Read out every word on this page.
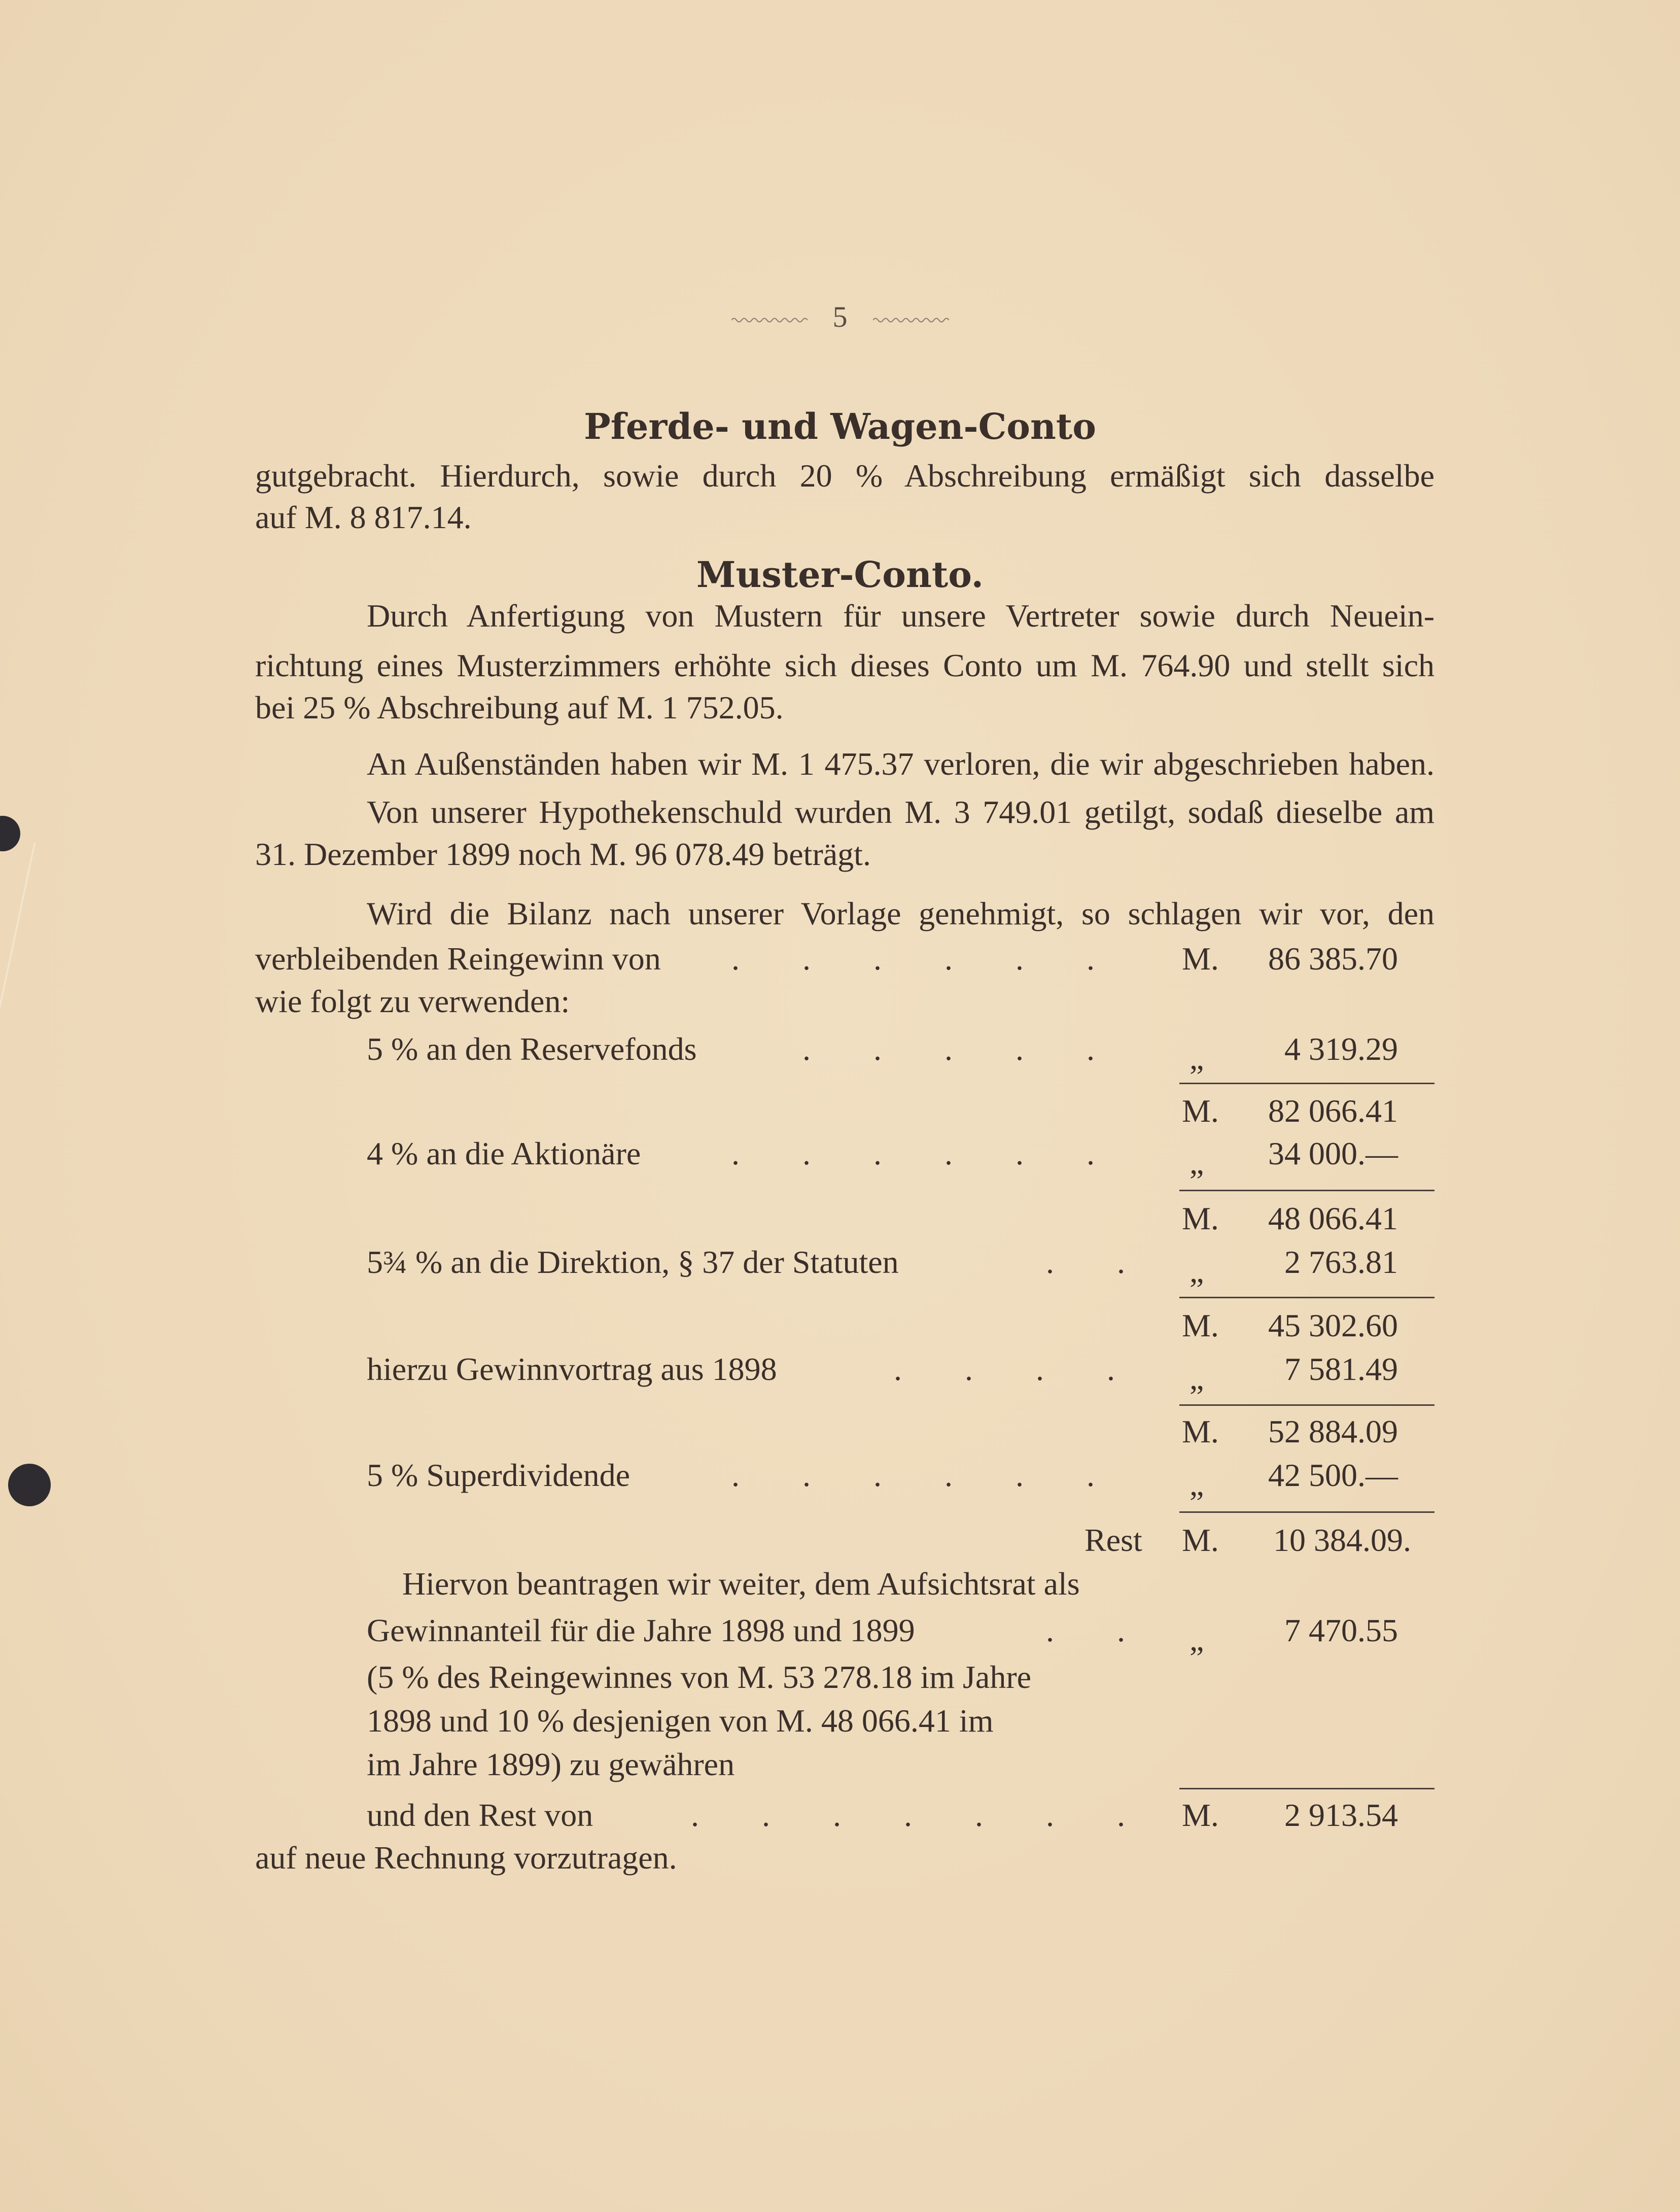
5
Pferde- und Wagen-Conto
gutgebracht. Hierdurch, sowie durch 20 % Abschreibung ermäßigt sich dasselbe
auf M. 8 817.14.
Muster-Conto.
Durch Anfertigung von Mustern für unsere Vertreter sowie durch Neuein-
richtung eines Musterzimmers erhöhte sich dieses Conto um M. 764.90 und stellt sich
bei 25 % Abschreibung auf M. 1 752.05.
An Außenständen haben wir M. 1 475.37 verloren, die wir abgeschrieben haben.
Von unserer Hypothekenschuld wurden M. 3 749.01 getilgt, sodaß dieselbe am
31. Dezember 1899 noch M. 96 078.49 beträgt.
Wird die Bilanz nach unserer Vorlage genehmigt, so schlagen wir vor, den
verbleibenden Reingewinn von	. . . . . .	M. 86 385.70
wie folgt zu verwenden:
5 % an den Reservefonds	. . . . .	„ 4 319.29
M. 82 066.41
4 % an die Aktionäre	. . . . . .	„ 34 000.—
M. 48 066.41
5¾ % an die Direktion, § 37 der Statuten	. .	„ 2 763.81
M. 45 302.60
hierzu Gewinnvortrag aus 1898	. . . .	„ 7 581.49
M. 52 884.09
5 % Superdividende	. . . . . .	„ 42 500.—
Rest M. 10 384.09.
Hiervon beantragen wir weiter, dem Aufsichtsrat als
Gewinnanteil für die Jahre 1898 und 1899	. .	„ 7 470.55
(5 % des Reingewinnes von M. 53 278.18 im Jahre
1898 und 10 % desjenigen von M. 48 066.41 im
im Jahre 1899) zu gewähren
und den Rest von	. . . . . . .	M. 2 913.54
auf neue Rechnung vorzutragen.
